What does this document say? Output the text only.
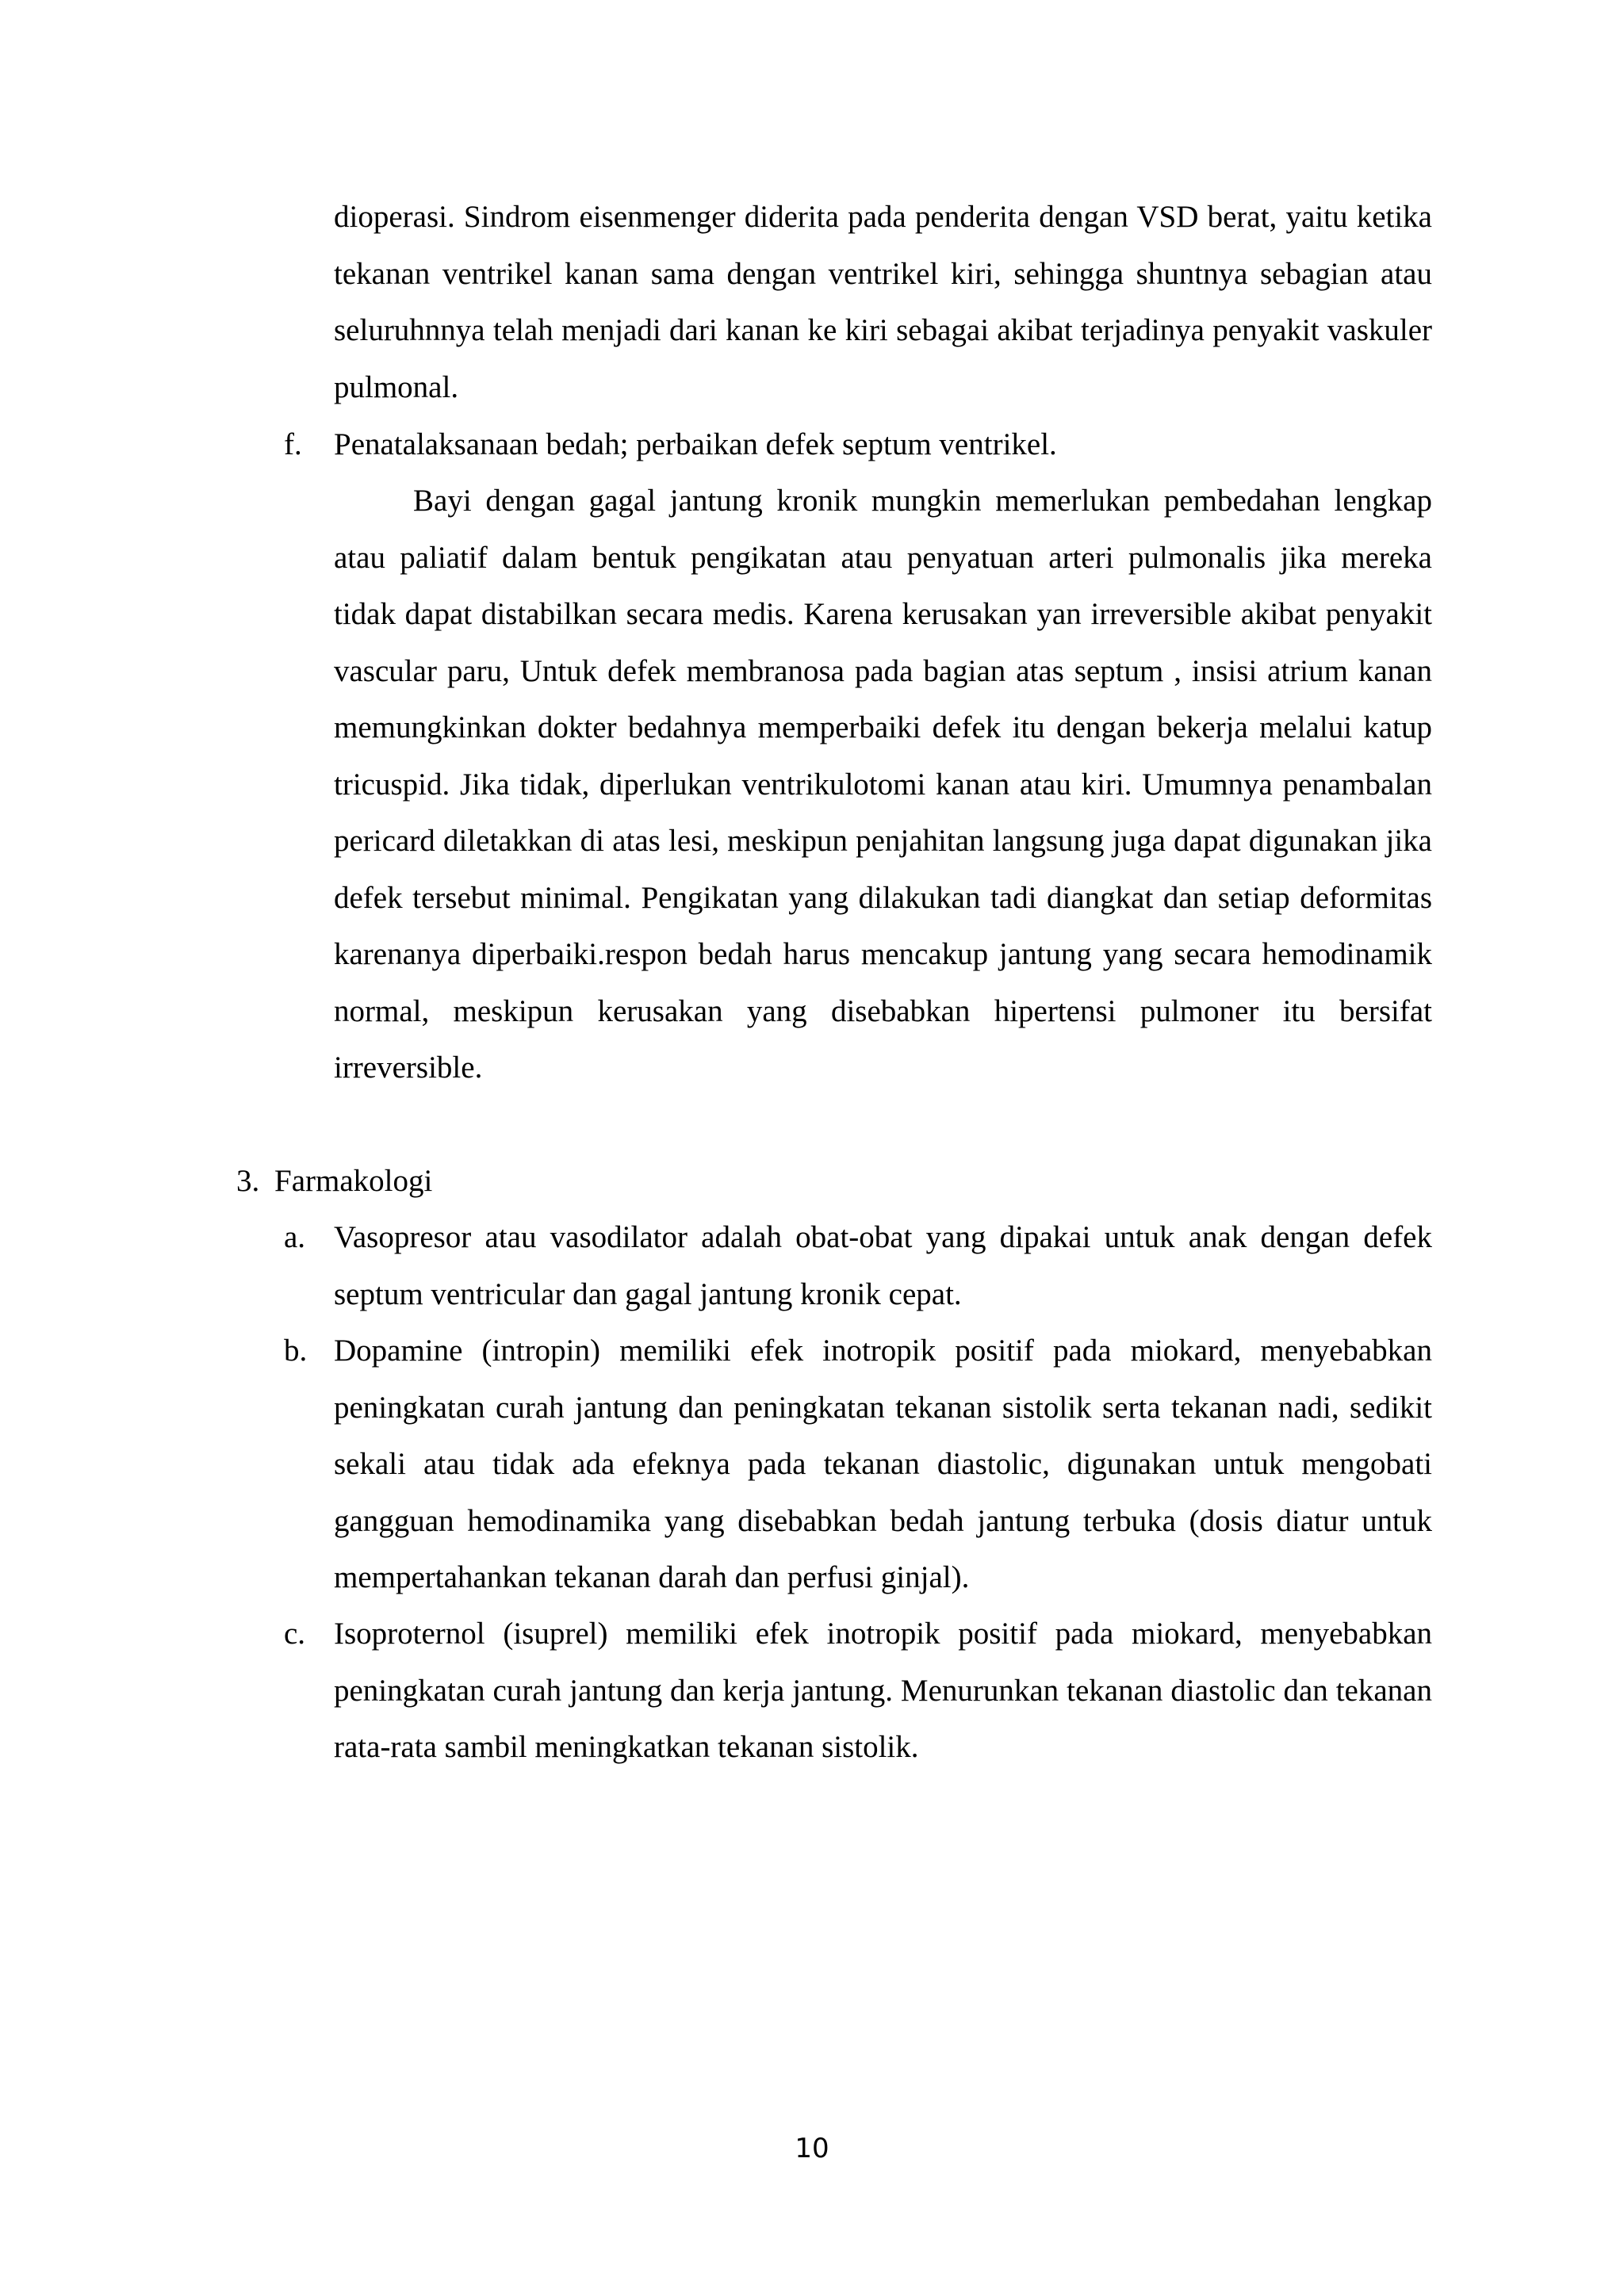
dioperasi. Sindrom eisenmenger diderita pada penderita dengan VSD berat, yaitu ketika tekanan ventrikel kanan sama dengan ventrikel kiri, sehingga shuntnya sebagian atau seluruhnnya telah menjadi dari kanan ke kiri sebagai akibat terjadinya penyakit vaskuler pulmonal.

f. Penatalaksanaan bedah; perbaikan defek septum ventrikel.

Bayi dengan gagal jantung kronik mungkin memerlukan pembedahan lengkap atau paliatif dalam bentuk pengikatan atau penyatuan arteri pulmonalis jika mereka tidak dapat distabilkan secara medis. Karena kerusakan yan irreversible akibat penyakit vascular paru, Untuk defek membranosa pada bagian atas septum , insisi atrium kanan memungkinkan dokter bedahnya memperbaiki defek itu dengan bekerja melalui katup tricuspid. Jika tidak, diperlukan ventrikulotomi kanan atau kiri. Umumnya penambalan pericard diletakkan di atas lesi, meskipun penjahitan langsung juga dapat digunakan jika defek tersebut minimal. Pengikatan yang dilakukan tadi diangkat dan setiap deformitas karenanya diperbaiki.respon bedah harus mencakup jantung yang secara hemodinamik normal, meskipun kerusakan yang disebabkan hipertensi pulmoner itu bersifat irreversible.

3. Farmakologi
a. Vasopresor atau vasodilator adalah obat-obat yang dipakai untuk anak dengan defek septum ventricular dan gagal jantung kronik cepat.

b. Dopamine (intropin) memiliki efek inotropik positif pada miokard, menyebabkan peningkatan curah jantung dan peningkatan tekanan sistolik serta tekanan nadi, sedikit sekali atau tidak ada efeknya pada tekanan diastolic, digunakan untuk mengobati gangguan hemodinamika yang disebabkan bedah jantung terbuka (dosis diatur untuk mempertahankan tekanan darah dan perfusi ginjal).

c. Isoproternol (isuprel) memiliki efek inotropik positif pada miokard, menyebabkan peningkatan curah jantung dan kerja jantung. Menurunkan tekanan diastolic dan tekanan rata-rata sambil meningkatkan tekanan sistolik.

10
